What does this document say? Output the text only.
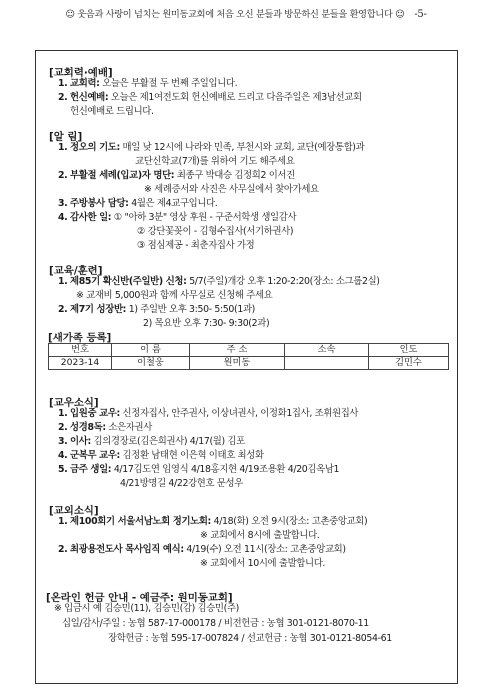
☺ 웃음과 사랑이 넘치는 원미동교회에 처음 오신 분들과 방문하신 분들을 환영합니다 ☺ -5-
[교회력·예배]
1. 교회력: 오늘은 부활절 두 번째 주일입니다.
2. 헌신예배: 오늘은 제1여전도회 헌신예배로 드리고 다음주일은 제3남선교회
헌신예배로 드립니다.
[알 림]
1. 정오의 기도: 매일 낮 12시에 나라와 민족, 부천시와 교회, 교단(예장통합)과
교단신학교(7개)를 위하여 기도 해주세요
2. 부활절 세례(입교)자 명단: 최종구 박대승 김정희2 이서진
※ 세례증서와 사진은 사무실에서 찾아가세요
3. 주방봉사 담당: 4월은 제4교구입니다.
4. 감사한 일: ① "아하 3분" 영상 후원 - 구준서학생 생일감사
② 강단꽃꽂이 - 김형수집사(서기하권사)
③ 점심제공 - 최춘자집사 가정
[교육/훈련]
1. 제85기 확신반(주일반) 신청: 5/7(주일)개강 오후 1:20-2:20(장소: 소그룹2실)
※ 교재비 5,000원과 함께 사무실로 신청해 주세요
2. 제7기 성장반: 1) 주일반 오후 3:50- 5:50(1과)
2) 목요반 오후 7:30- 9:30(2과)
[새가족 등록]
번호	이 름	주 소	소속	인도
2023-14	이철웅	원미동		김민수
[교우소식]
1. 입원중 교우: 신정자집사, 안주권사, 이상녀권사, 이정화1집사, 조휘원집사
2. 성경8독: 소은자권사
3. 이사: 김의경장로(김은희권사) 4/17(월) 김포
4. 군복무 교우: 김정환 남태현 이은혁 이태호 최성화
5. 금주 생일: 4/17김도연 임영식 4/18홍지현 4/19조용환 4/20김옥남1
4/21방명길 4/22강현호 문성우
[교외소식]
1. 제100회기 서울서남노회 정기노회: 4/18(화) 오전 9시(장소: 고촌중앙교회)
※ 교회에서 8시에 출발합니다.
2. 최광용전도사 목사임직 예식: 4/19(수) 오전 11시(장소: 고촌중앙교회)
※ 교회에서 10시에 출발합니다.
[온라인 헌금 안내 - 예금주: 원미동교회]
※ 입금시 예 김승민(11), 김승민(감) 김승민(주)
십일/감사/주일 : 농협 587-17-000178 / 비전헌금 : 농협 301-0121-8070-11
장학헌금 : 농협 595-17-007824 / 선교헌금 : 농협 301-0121-8054-61
